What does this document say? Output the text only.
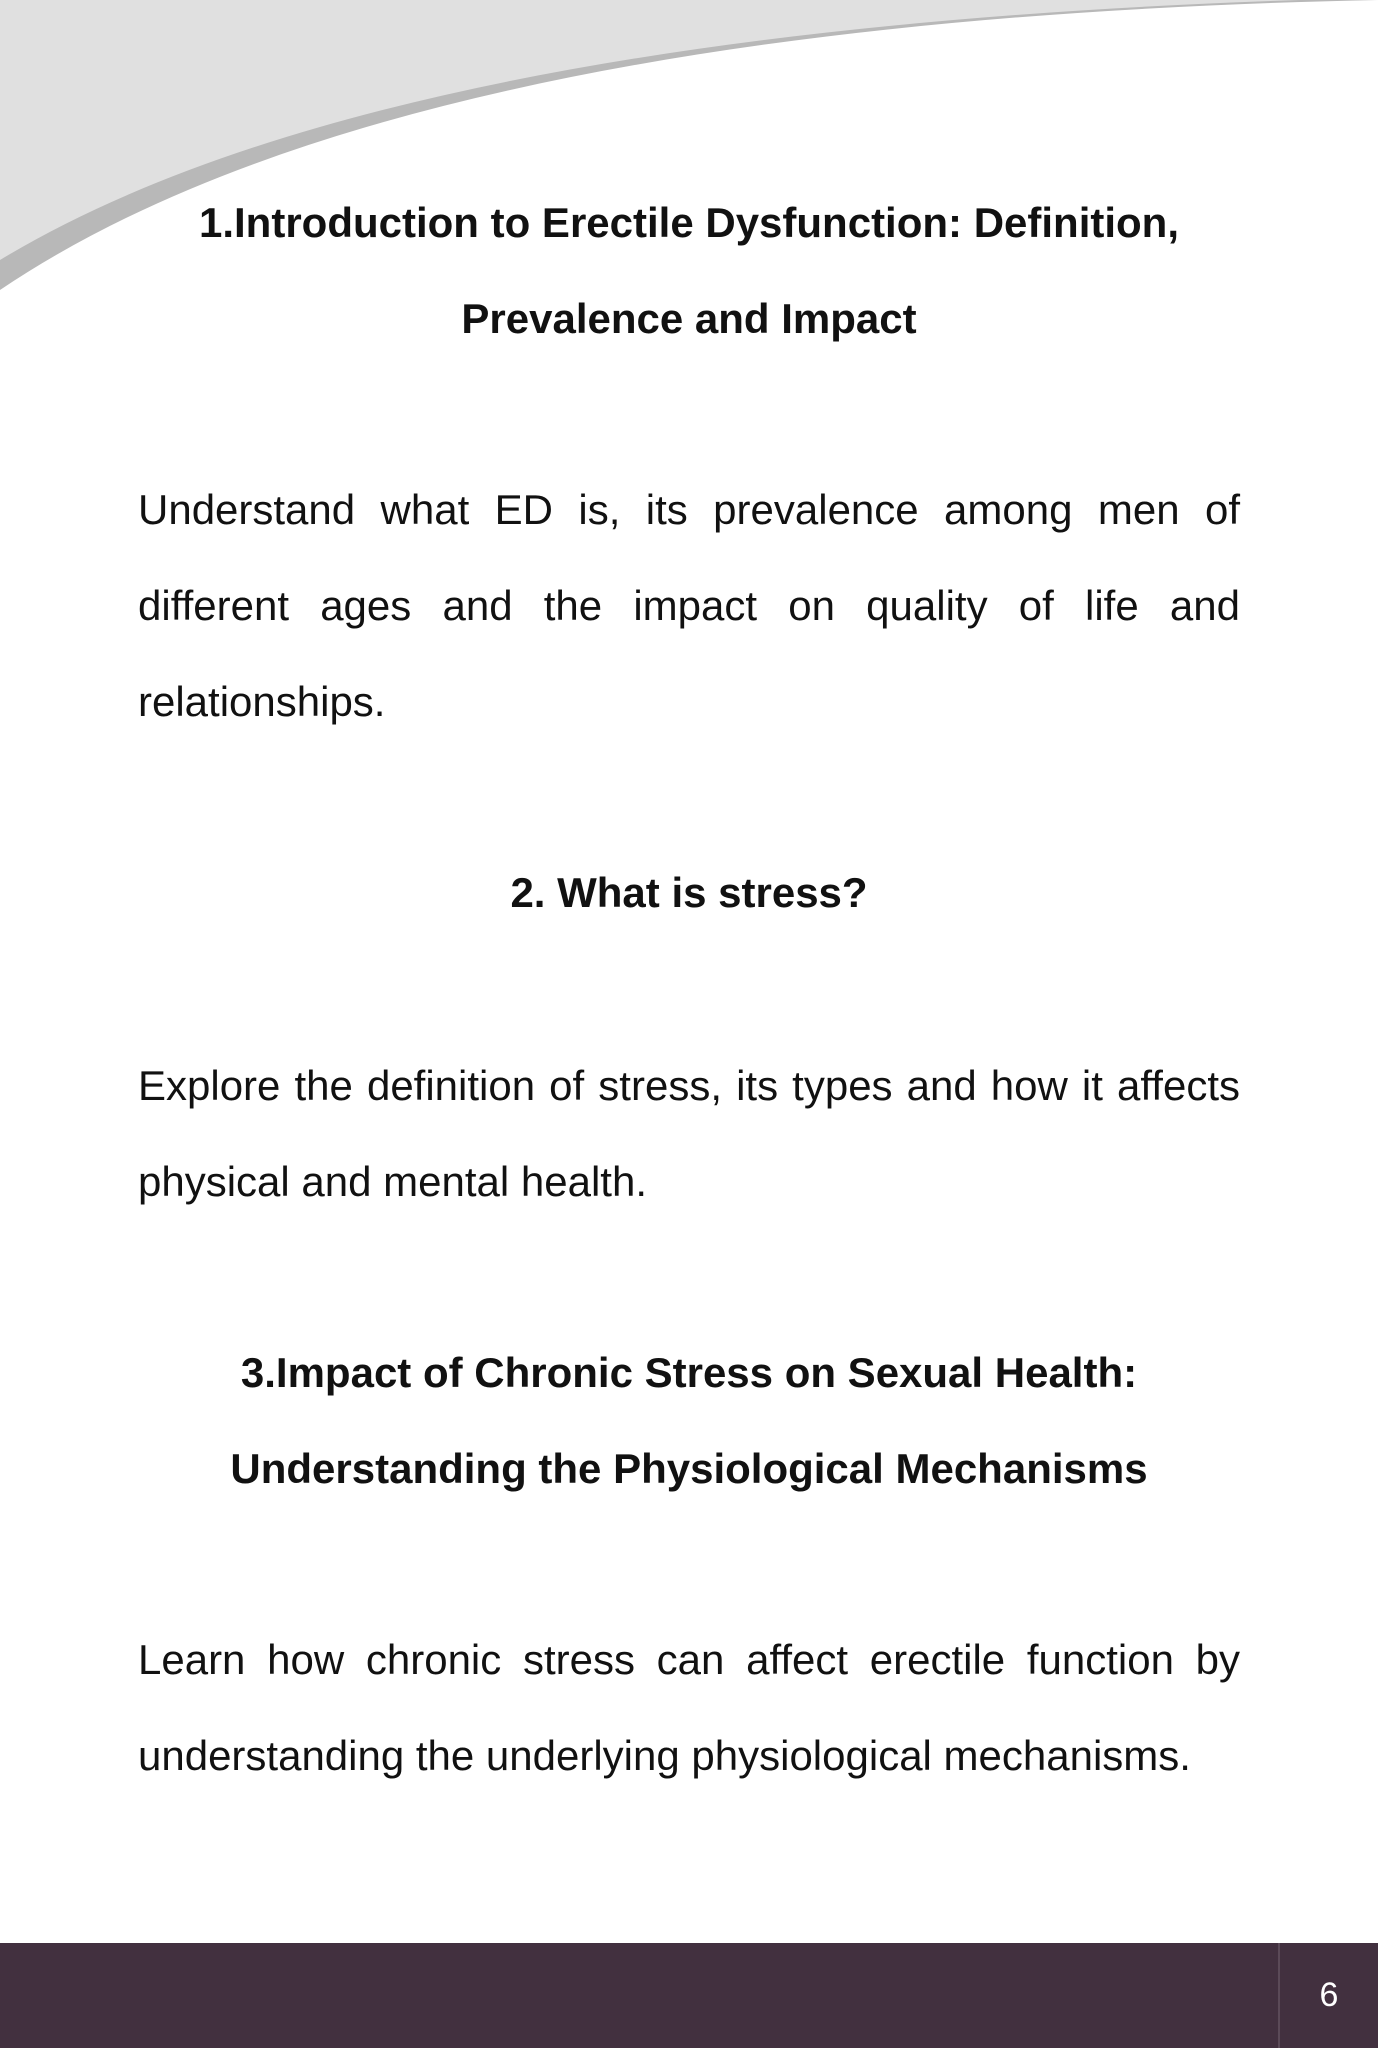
1.Introduction to Erectile Dysfunction: Definition, Prevalence and Impact

Understand what ED is, its prevalence among men of different ages and the impact on quality of life and relationships.

2. What is stress?

Explore the definition of stress, its types and how it affects physical and mental health.

3.Impact of Chronic Stress on Sexual Health: Understanding the Physiological Mechanisms

Learn how chronic stress can affect erectile function by understanding the underlying physiological mechanisms.

6
